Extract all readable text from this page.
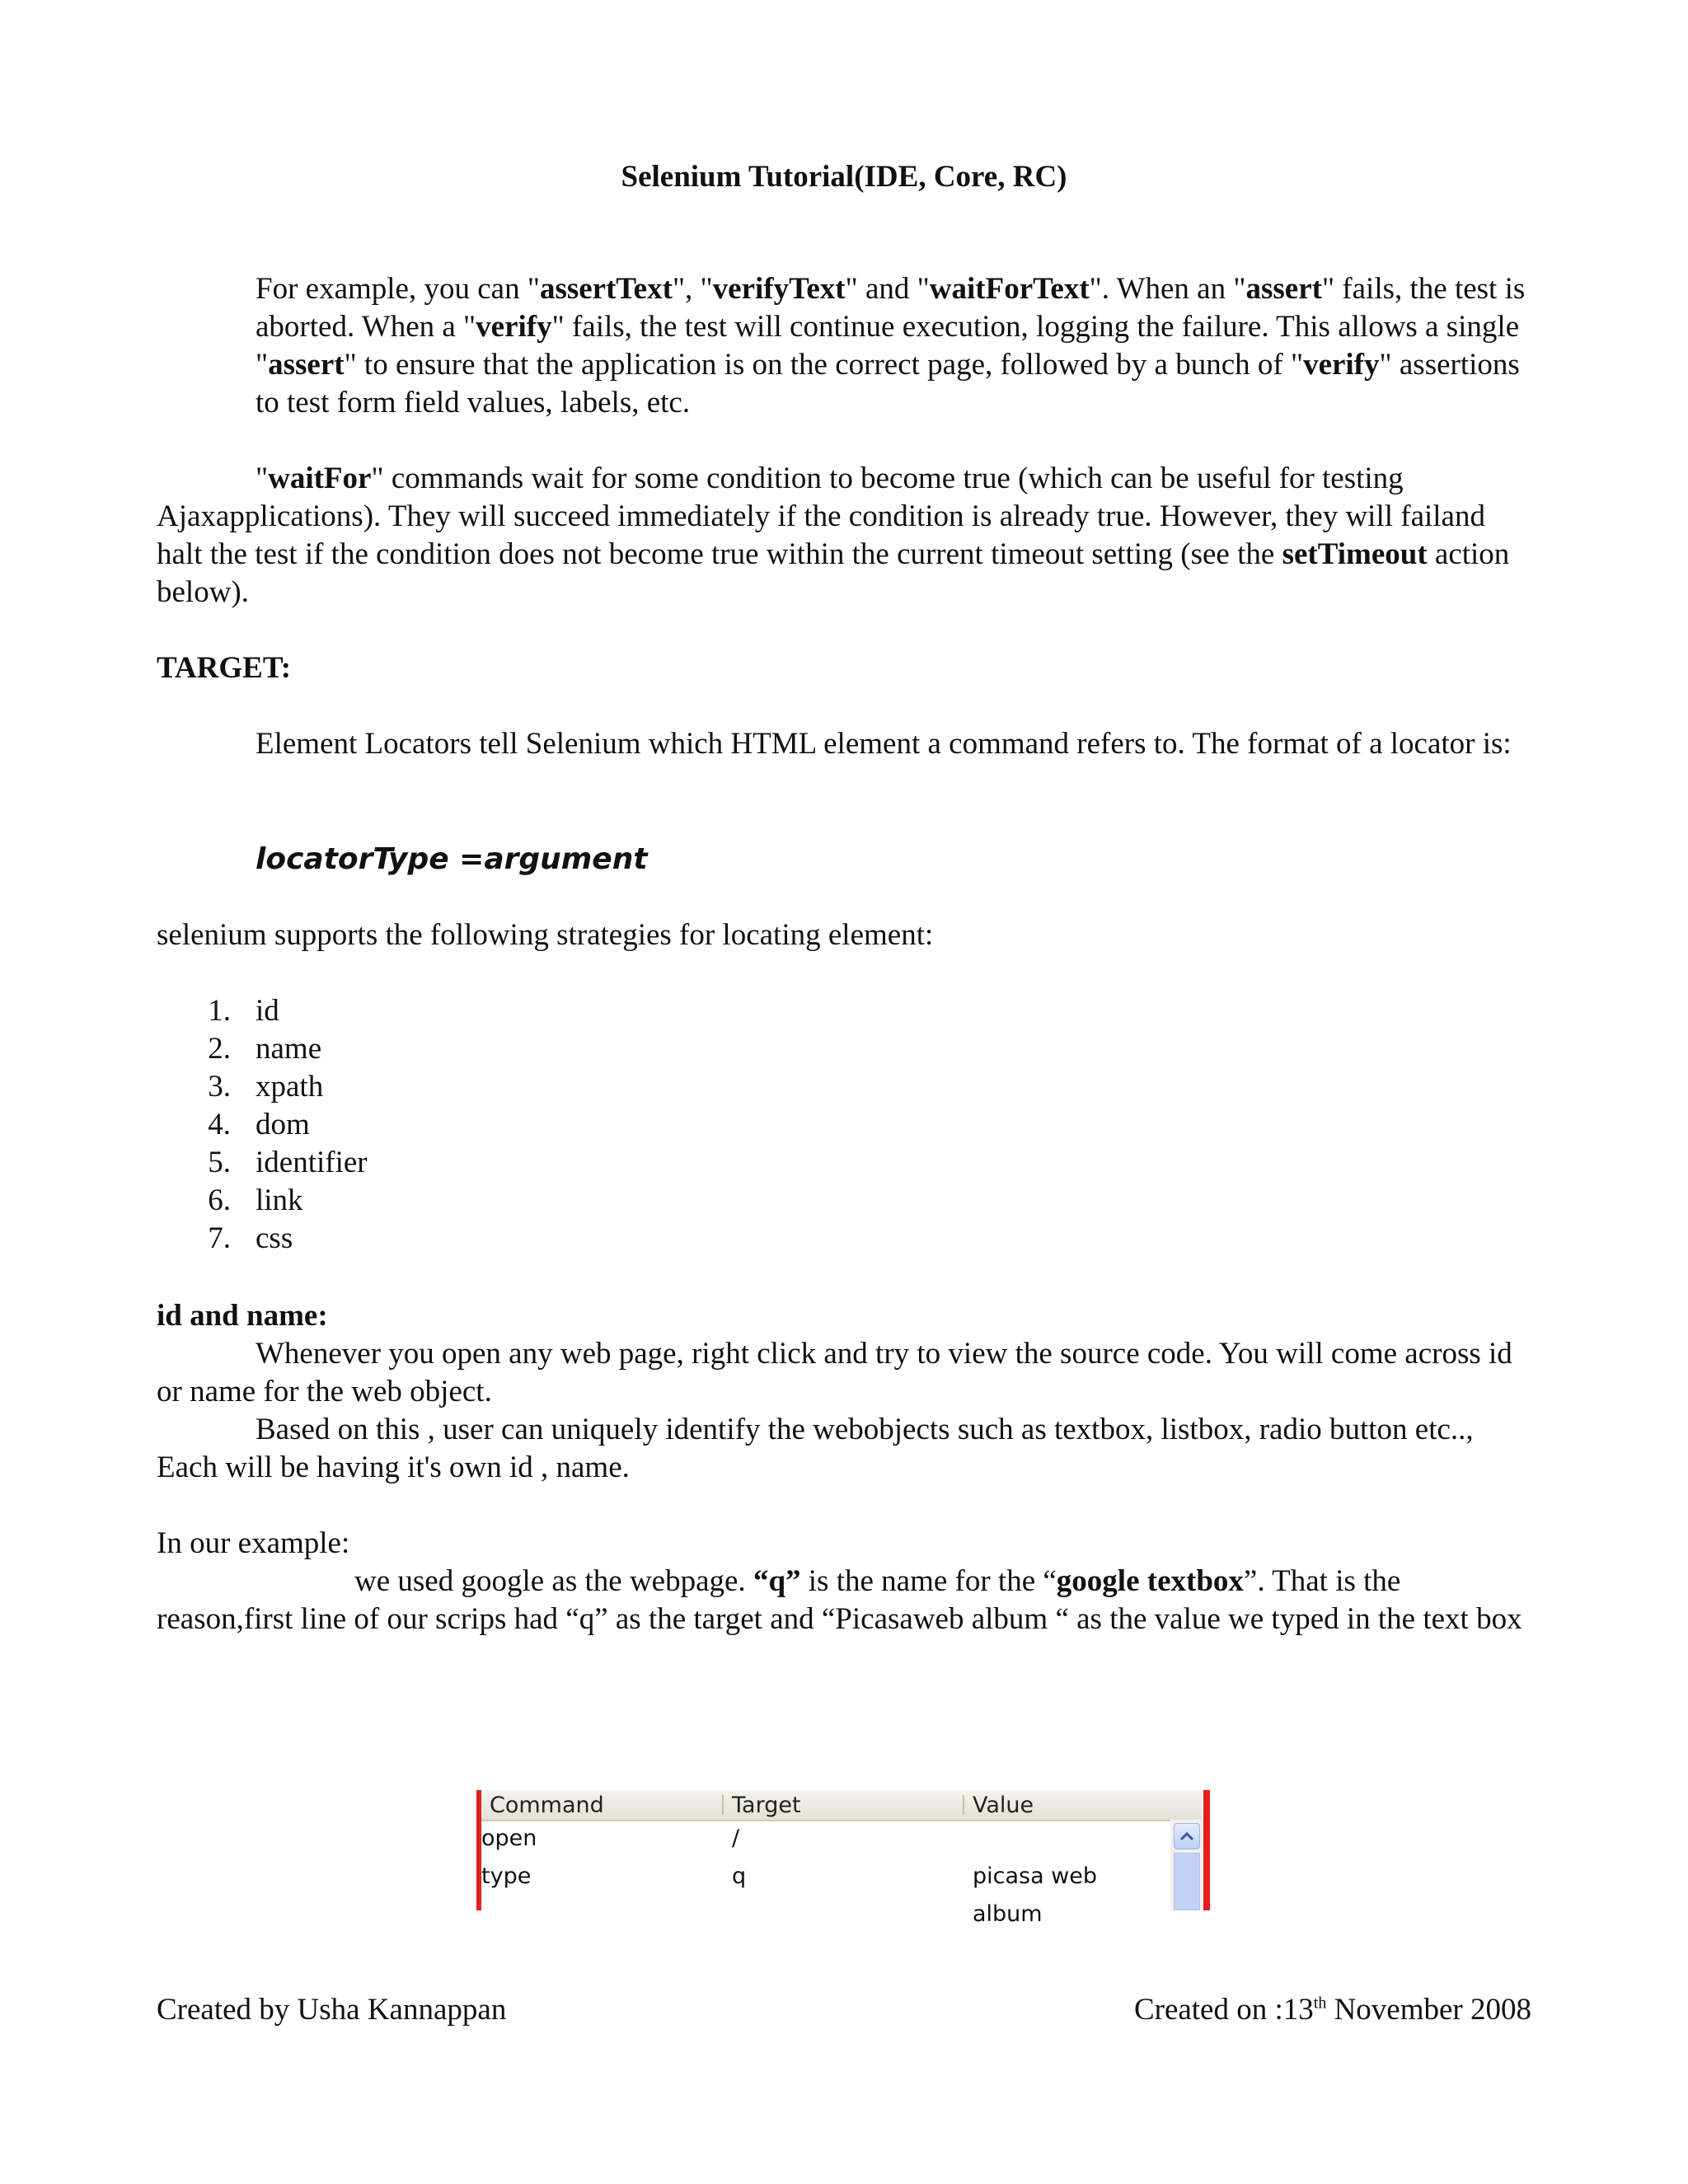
Selenium Tutorial(IDE, Core, RC)

For example, you can "assertText", "verifyText" and "waitForText". When an "assert" fails, the test is aborted. When a "verify" fails, the test will continue execution, logging the failure. This allows a single "assert" to ensure that the application is on the correct page, followed by a bunch of "verify" assertions to test form field values, labels, etc.

"waitFor" commands wait for some condition to become true (which can be useful for testing Ajaxapplications). They will succeed immediately if the condition is already true. However, they will failand halt the test if the condition does not become true within the current timeout setting (see the setTimeout action below).

TARGET:

Element Locators tell Selenium which HTML element a command refers to. The format of a locator is:

locatorType =argument
selenium supports the following strategies for locating element:
1. id
2. name
3. xpath
4. dom
5. identifier
6. link
7. css
id and name:

Whenever you open any web page, right click and try to view the source code. You will come across id or name for the web object.

Based on this , user can uniquely identify the webobjects such as textbox, listbox, radio button etc.., Each will be having it's own id , name.

In our example:

we used google as the webpage. “q” is the name for the “google textbox”. That is the reason,first line of our scrips had “q” as the target and “Picasaweb album “ as the value we typed in the text box

Command	Target	Value
open	/
type	q	picasa web album
Created by Usha Kannappan	Created on :13th November 2008
